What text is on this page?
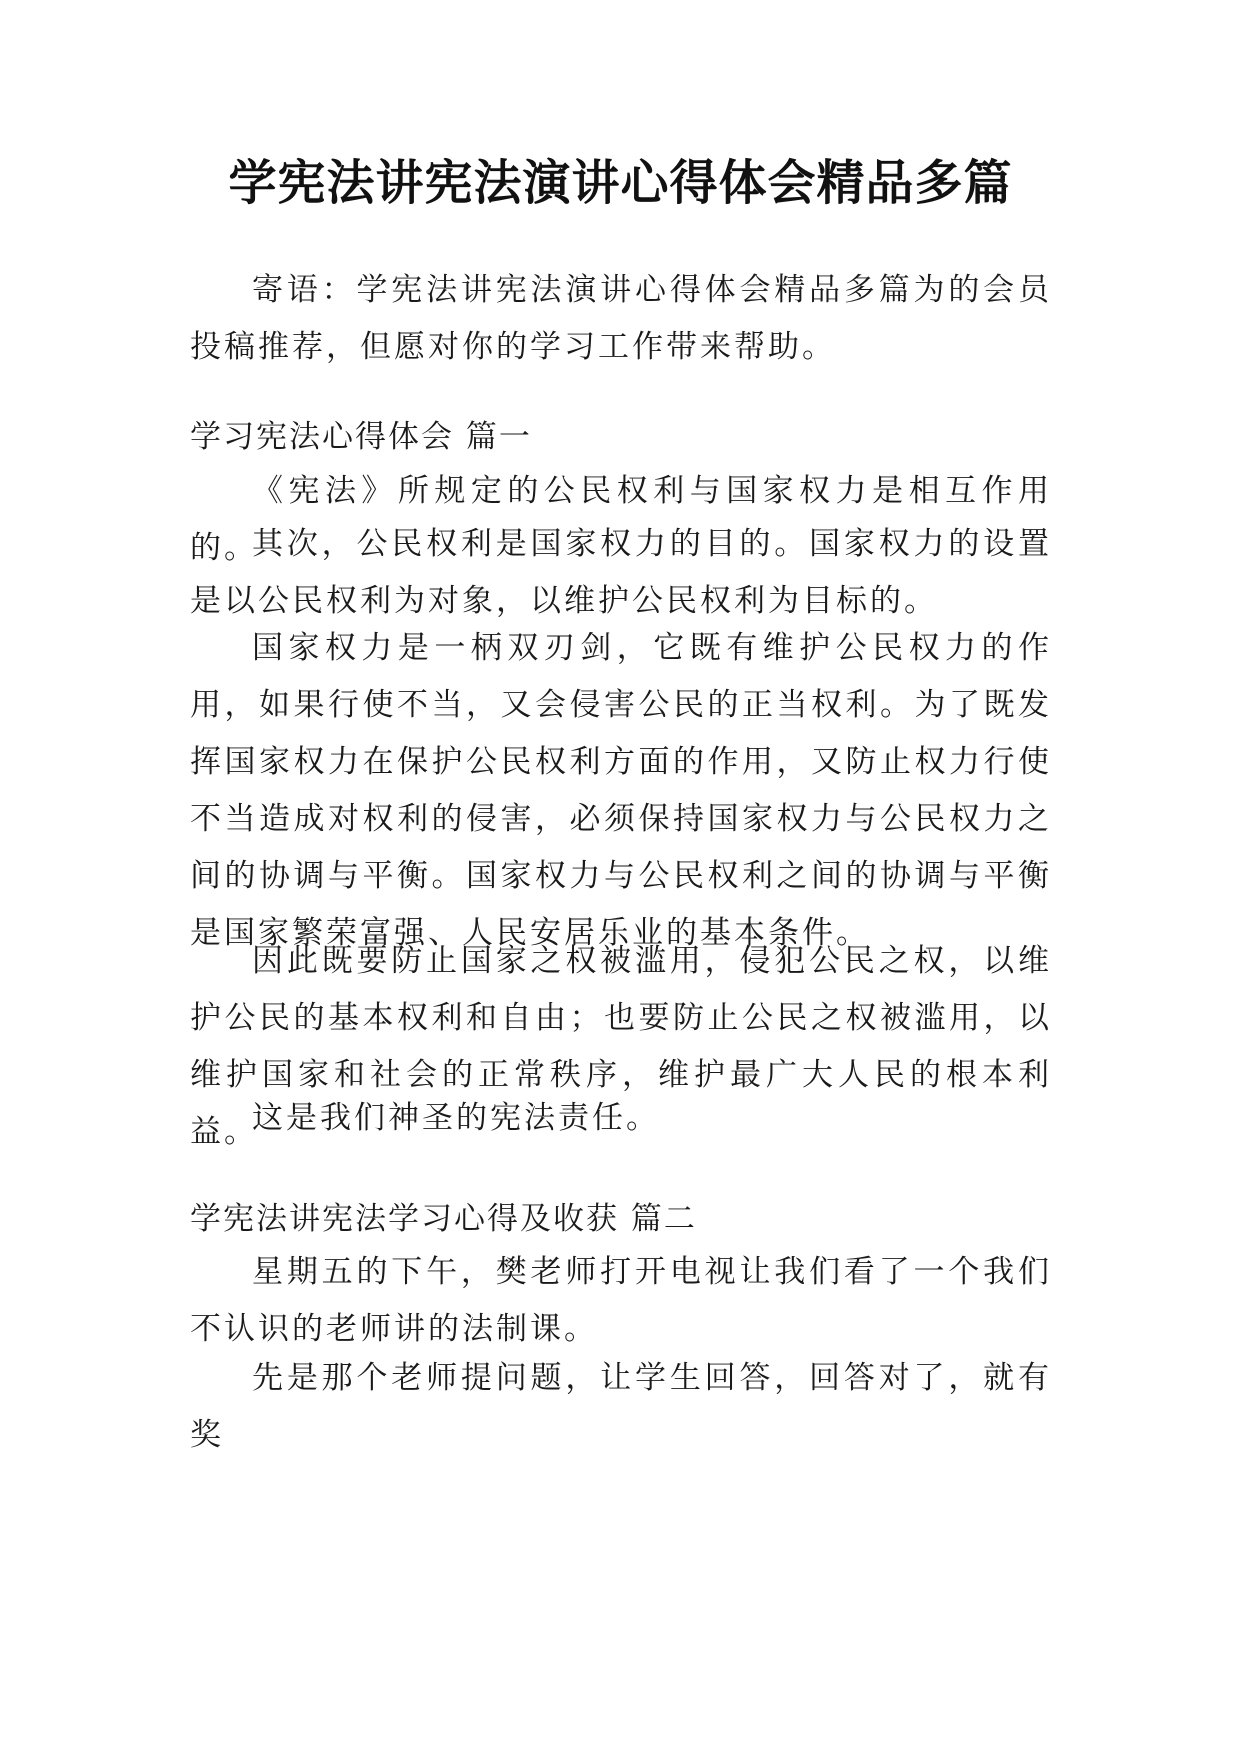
学宪法讲宪法演讲心得体会精品多篇

寄语：学宪法讲宪法演讲心得体会精品多篇为的会员投稿推荐，但愿对你的学习工作带来帮助。

学习宪法心得体会 篇一

《宪法》所规定的公民权利与国家权力是相互作用的。

其次，公民权利是国家权力的目的。国家权力的设置是以公民权利为对象，以维护公民权利为目标的。

国家权力是一柄双刃剑，它既有维护公民权力的作用，如果行使不当，又会侵害公民的正当权利。为了既发挥国家权力在保护公民权利方面的作用，又防止权力行使不当造成对权利的侵害，必须保持国家权力与公民权力之间的协调与平衡。国家权力与公民权利之间的协调与平衡是国家繁荣富强、人民安居乐业的基本条件。

因此既要防止国家之权被滥用，侵犯公民之权，以维护公民的基本权利和自由；也要防止公民之权被滥用，以维护国家和社会的正常秩序，维护最广大人民的根本利益。

这是我们神圣的宪法责任。

学宪法讲宪法学习心得及收获 篇二

星期五的下午，樊老师打开电视让我们看了一个我们不认识的老师讲的法制课。

先是那个老师提问题，让学生回答，回答对了，就有奖
